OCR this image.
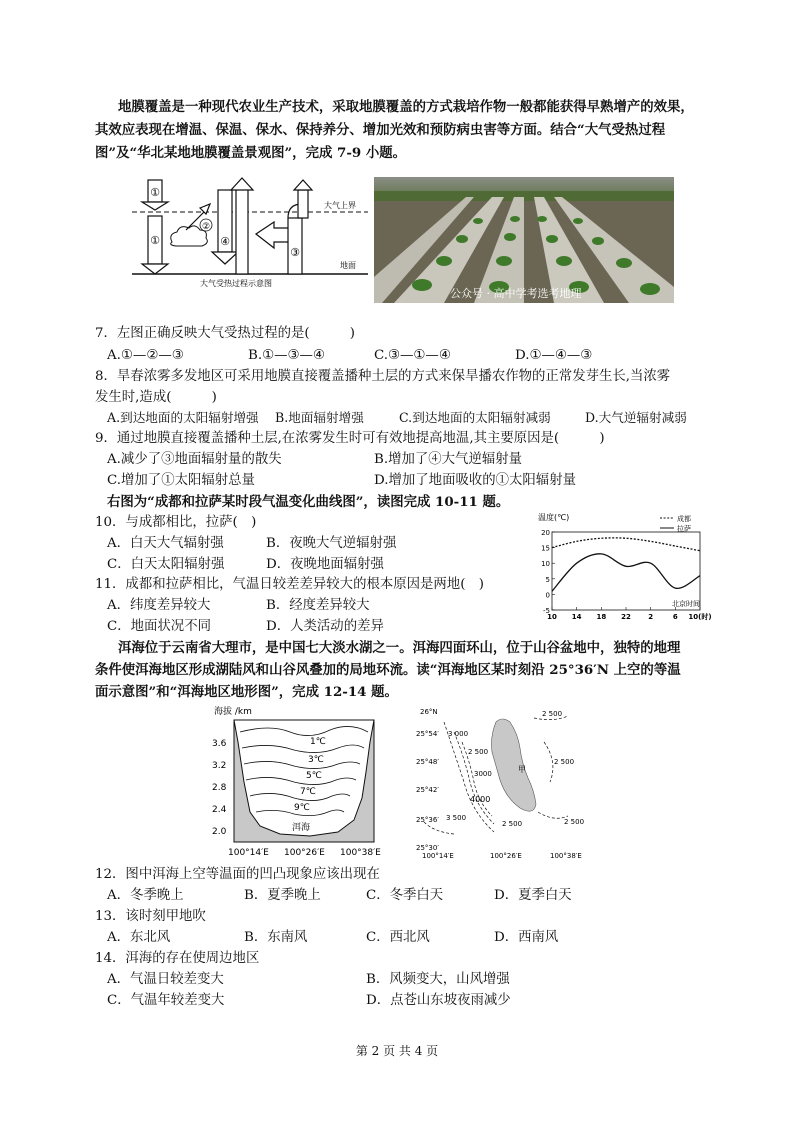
地膜覆盖是一种现代农业生产技术，采取地膜覆盖的方式栽培作物一般都能获得早熟增产的效果，
其效应表现在增温、保温、保水、保持养分、增加光效和预防病虫害等方面。结合“大气受热过程
图”及“华北某地地膜覆盖景观图”，完成 7-9 小题。
①
①
②
④
③
大气上界
地面
大气受热过程示意图
公众号 · 高中学考选考地理
7．左图正确反映大气受热过程的是(　　　)
A.①—②—③	B.①—③—④	C.③—①—④	D.①—④—③
8．旱春浓雾多发地区可采用地膜直接覆盖播种土层的方式来保旱播农作物的正常发芽生长,当浓雾
发生时,造成(　　　)
A.到达地面的太阳辐射增强 B.地面辐射增强	C.到达地面的太阳辐射减弱	D.大气逆辐射减弱
9．通过地膜直接覆盖播种土层,在浓雾发生时可有效地提高地温,其主要原因是(　　　)
A.减少了③地面辐射量的散失	B.增加了④大气逆辐射量
C.增加了①太阳辐射总量	D.增加了地面吸收的①太阳辐射量
右图为“成都和拉萨某时段气温变化曲线图”，读图完成 10-11 题。
10．与成都相比，拉萨(　)
A．白天大气辐射强	B．夜晚大气逆辐射强
C．白天太阳辐射强	D．夜晚地面辐射强
11．成都和拉萨相比，气温日较差差异较大的根本原因是两地(　)
A．纬度差异较大	B．经度差异较大
C．地面状况不同	D．人类活动的差异
温度(℃)	成都
拉萨
-5
0
5
10
15
20
10 14 18 22 2	6 10(时)
北京时间
洱海位于云南省大理市，是中国七大淡水湖之一。洱海四面环山，位于山谷盆地中，独特的地理
条件使洱海地区形成湖陆风和山谷风叠加的局地环流。读“洱海地区某时刻沿 25°36′N 上空的等温
面示意图”和“洱海地区地形图”，完成 12-14 题。
海拔 /km
1℃
3℃
5℃
7℃
9℃
洱海
3.6
3.2
2.8
2.4
2.0
100°14′E 100°26′E 100°38′E
26°N
25°54′
25°48′
25°42′
25°36′
25°30′
2 500
3 000
2 500
2 500
3 500	2 500
4000
3000
2 500
甲
100°14′E	100°26′E	100°38′E
12．图中洱海上空等温面的凹凸现象应该出现在
A．冬季晚上	B．夏季晚上	C．冬季白天	D．夏季白天
13．该时刻甲地吹
A．东北风	B．东南风	C．西北风	D．西南风
14．洱海的存在使周边地区
A．气温日较差变大	B．风频变大，山风增强
C．气温年较差变大	D．点苍山东坡夜雨减少
第 2 页 共 4 页
